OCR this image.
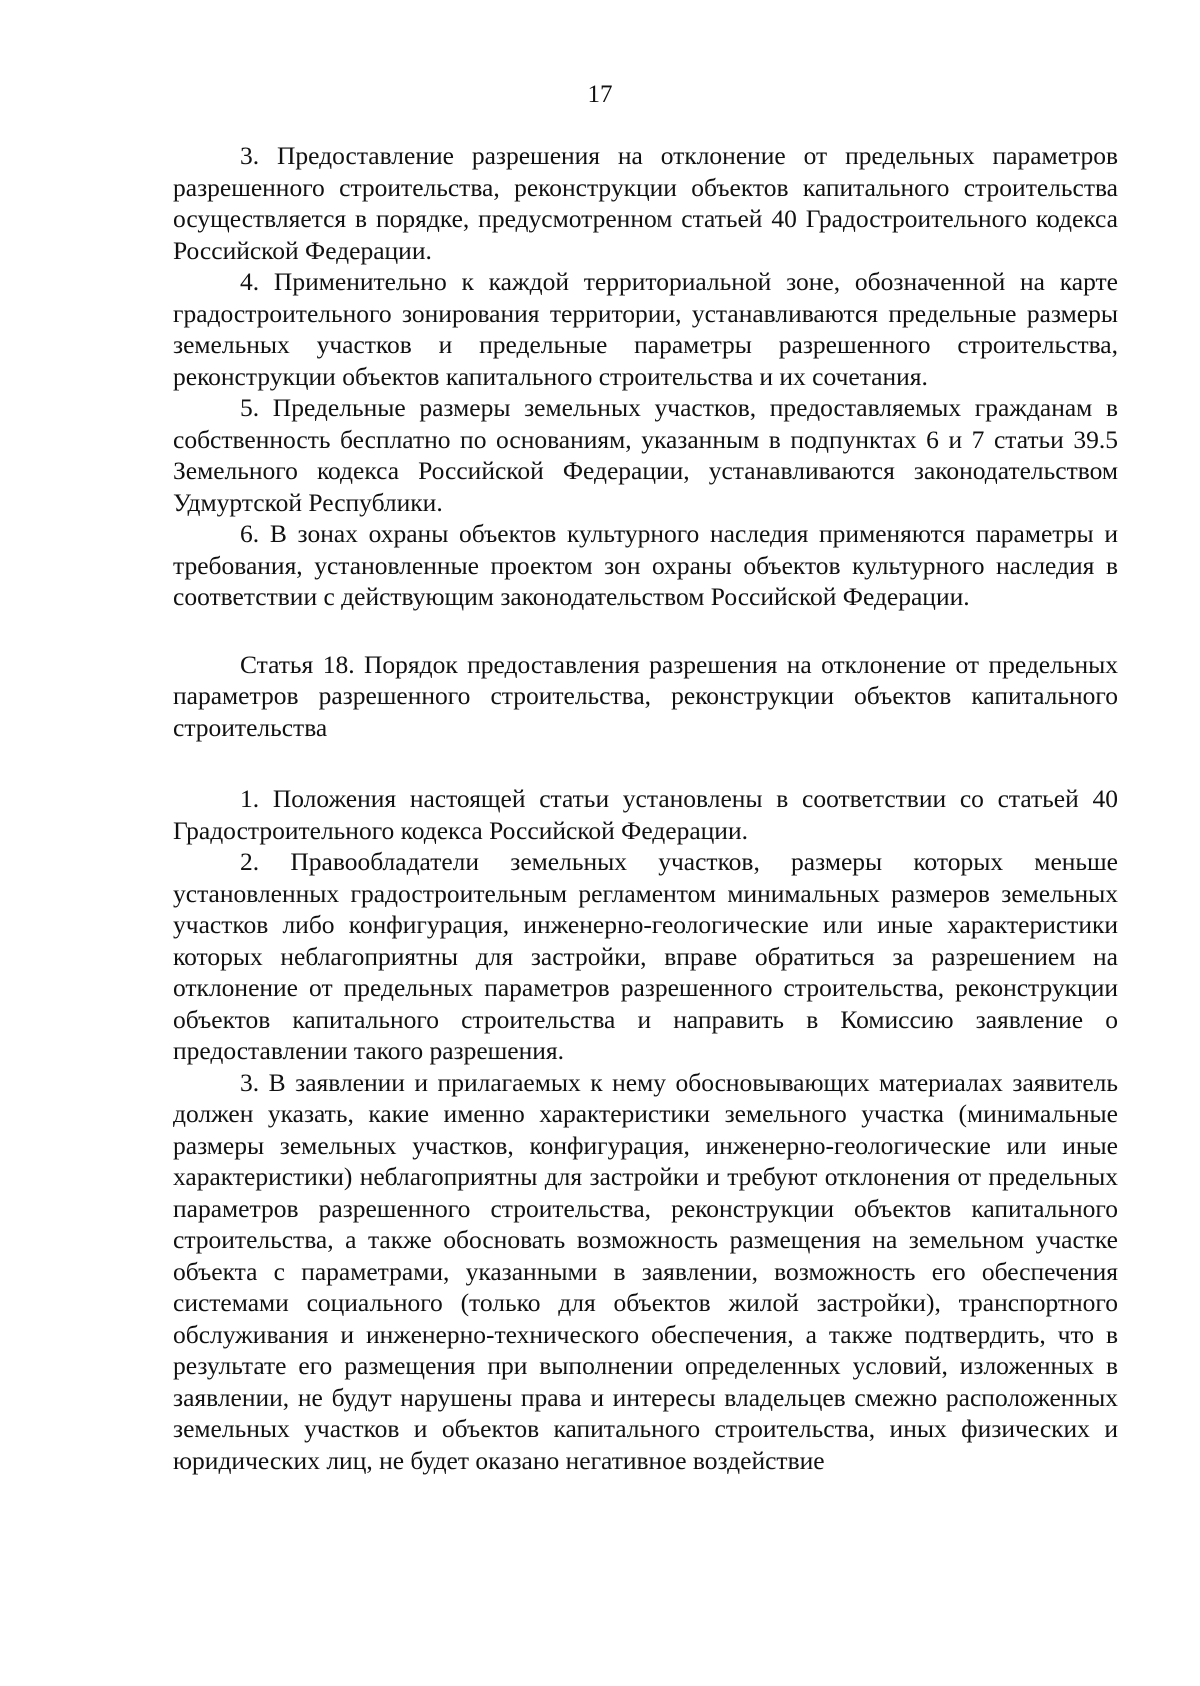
17

3. Предоставление разрешения на отклонение от предельных параметров разрешенного строительства, реконструкции объектов капитального строительства осуществляется в порядке, предусмотренном статьей 40 Градостроительного кодекса Российской Федерации.

4. Применительно к каждой территориальной зоне, обозначенной на карте градостроительного зонирования территории, устанавливаются предельные размеры земельных участков и предельные параметры разрешенного строительства, реконструкции объектов капитального строительства и их сочетания.

5. Предельные размеры земельных участков, предоставляемых гражданам в собственность бесплатно по основаниям, указанным в подпунктах 6 и 7 статьи 39.5 Земельного кодекса Российской Федерации, устанавливаются законодательством Удмуртской Республики.

6. В зонах охраны объектов культурного наследия применяются параметры и требования, установленные проектом зон охраны объектов культурного наследия в соответствии с действующим законодательством Российской Федерации.

Статья 18. Порядок предоставления разрешения на отклонение от предельных параметров разрешенного строительства, реконструкции объектов капитального строительства

1. Положения настоящей статьи установлены в соответствии со статьей 40 Градостроительного кодекса Российской Федерации.

2. Правообладатели земельных участков, размеры которых меньше установленных градостроительным регламентом минимальных размеров земельных участков либо конфигурация, инженерно-геологические или иные характеристики которых неблагоприятны для застройки, вправе обратиться за разрешением на отклонение от предельных параметров разрешенного строительства, реконструкции объектов капитального строительства и направить в Комиссию заявление о предоставлении такого разрешения.

3. В заявлении и прилагаемых к нему обосновывающих материалах заявитель должен указать, какие именно характеристики земельного участка (минимальные размеры земельных участков, конфигурация, инженерно-геологические или иные характеристики) неблагоприятны для застройки и требуют отклонения от предельных параметров разрешенного строительства, реконструкции объектов капитального строительства, а также обосновать возможность размещения на земельном участке объекта с параметрами, указанными в заявлении, возможность его обеспечения системами социального (только для объектов жилой застройки), транспортного обслуживания и инженерно-технического обеспечения, а также подтвердить, что в результате его размещения при выполнении определенных условий, изложенных в заявлении, не будут нарушены права и интересы владельцев смежно расположенных земельных участков и объектов капитального строительства, иных физических и юридических лиц, не будет оказано негативное воздействие
